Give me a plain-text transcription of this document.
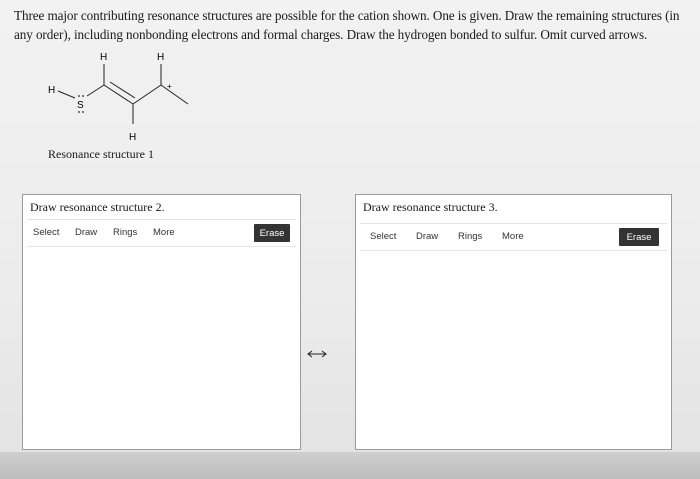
Three major contributing resonance structures are possible for the cation shown. One is given. Draw the remaining structures (in any order), including nonbonding electrons and formal charges. Draw the hydrogen bonded to sulfur. Omit curved arrows.
H	H
H
S
H
+
Resonance structure 1
Draw resonance structure 2.
Select Draw Rings More	Erase
Draw resonance structure 3.
Select Draw Rings More	Erase
